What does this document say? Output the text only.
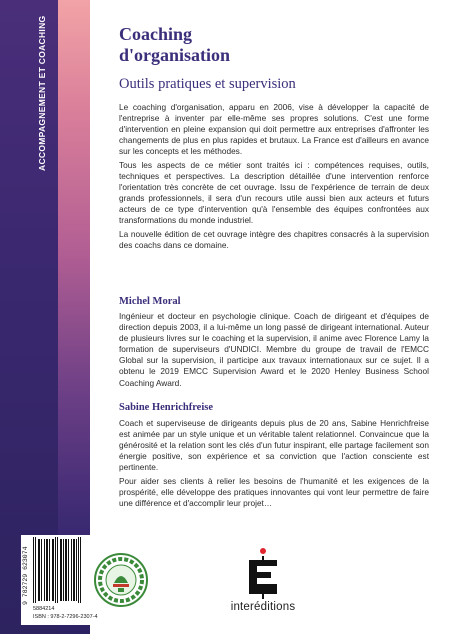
ACCOMPAGNEMENT ET COACHING	Coaching
d'organisation
Outils pratiques et supervision

Le coaching d'organisation, apparu en 2006, vise à développer la capacité de l'entreprise à inventer par elle-même ses propres solutions. C'est une forme d'intervention en pleine expansion qui doit permettre aux entreprises d'affronter les changements de plus en plus rapides et brutaux. La France est d'ailleurs en avance sur les concepts et les méthodes.

Tous les aspects de ce métier sont traités ici : compétences requises, outils, techniques et perspectives. La description détaillée d'une intervention renforce l'orientation très concrète de cet ouvrage. Issu de l'expérience de terrain de deux grands professionnels, il sera d'un recours utile aussi bien aux acteurs et futurs acteurs de ce type d'intervention qu'à l'ensemble des équipes confrontées aux transformations du monde industriel.

La nouvelle édition de cet ouvrage intègre des chapitres consacrés à la supervision des coachs dans ce domaine.

Michel Moral

Ingénieur et docteur en psychologie clinique. Coach de dirigeant et d'équipes de direction depuis 2003, il a lui-même un long passé de dirigeant international. Auteur de plusieurs livres sur le coaching et la supervision, il anime avec Florence Lamy la formation de superviseurs d'UNDICI. Membre du groupe de travail de l'EMCC Global sur la supervision, il participe aux travaux internationaux sur ce sujet. Il a obtenu le 2019 EMCC Supervision Award et le 2020 Henley Business School Coaching Award.

Sabine Henrichfreise

Coach et superviseuse de dirigeants depuis plus de 20 ans, Sabine Henrichfreise est animée par un style unique et un véritable talent relationnel. Convaincue que la générosité et la relation sont les clés d'un futur inspirant, elle partage facilement son énergie positive, son expérience et sa conviction que l'action consciente est pertinente.

Pour aider ses clients à relier les besoins de l'humanité et les exigences de la prospérité, elle développe des pratiques innovantes qui vont leur permettre de faire une différence et d'accomplir leur projet…

9 782729 623074
5884214
ISBN : 978-2-7296-2307-4
interéditions
